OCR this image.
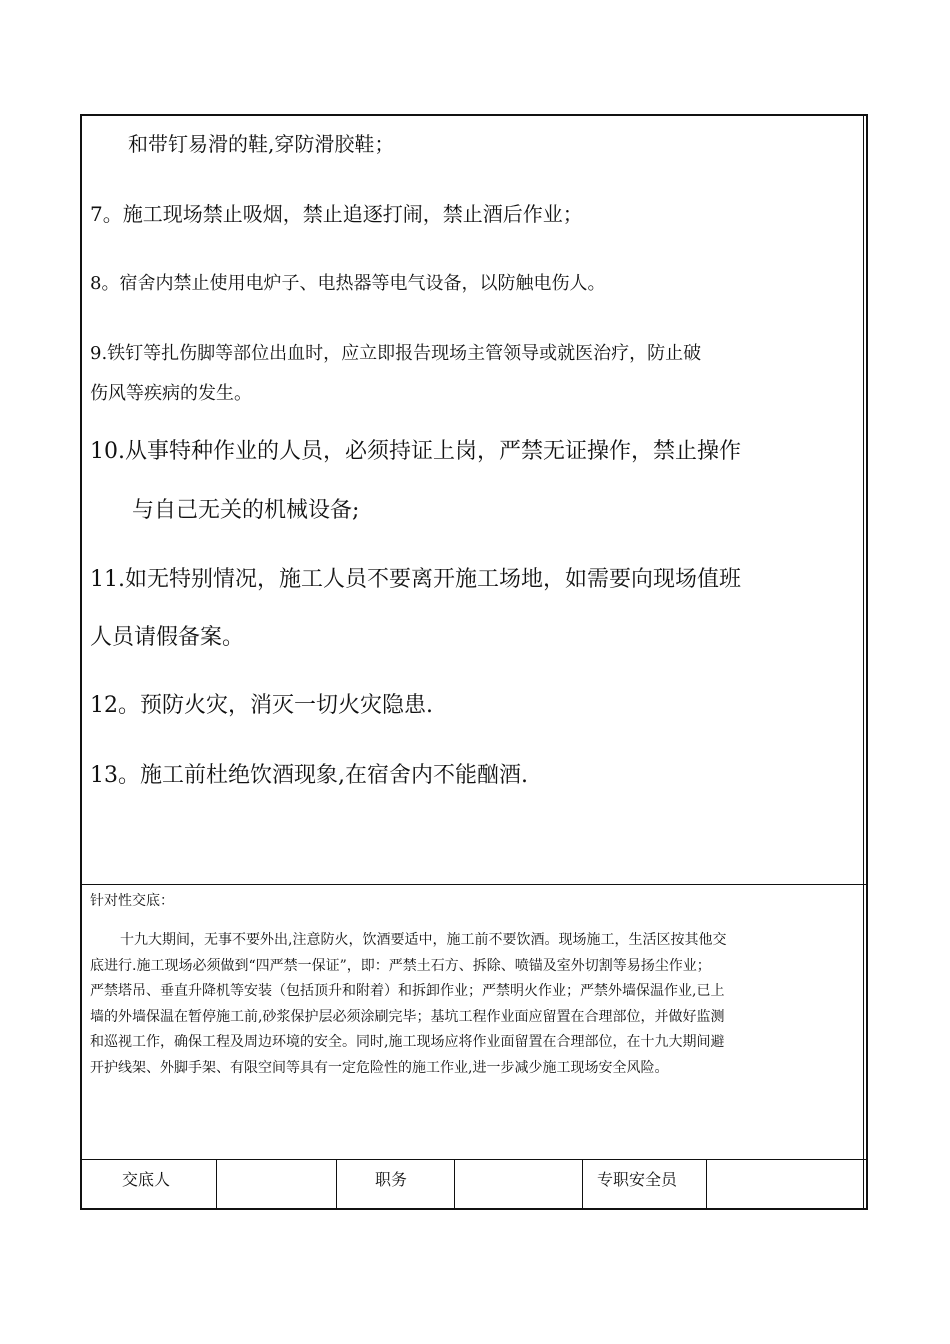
和带钉易滑的鞋,穿防滑胶鞋；
7。施工现场禁止吸烟，禁止追逐打闹，禁止酒后作业；
8。宿舍内禁止使用电炉子、电热器等电气设备，以防触电伤人。
9.铁钉等扎伤脚等部位出血时，应立即报告现场主管领导或就医治疗，防止破
伤风等疾病的发生。
10.从事特种作业的人员，必须持证上岗，严禁无证操作，禁止操作
与自己无关的机械设备;
11.如无特别情况，施工人员不要离开施工场地，如需要向现场值班
人员请假备案。
12。预防火灾，消灭一切火灾隐患.
13。施工前杜绝饮酒现象,在宿舍内不能酗酒.
针对性交底：
十九大期间，无事不要外出,注意防火，饮酒要适中，施工前不要饮酒。现场施工，生活区按其他交
底进行.施工现场必须做到“四严禁一保证”，即：严禁土石方、拆除、喷锚及室外切割等易扬尘作业；
严禁塔吊、垂直升降机等安装（包括顶升和附着）和拆卸作业；严禁明火作业；严禁外墙保温作业,已上
墙的外墙保温在暂停施工前,砂浆保护层必须涂刷完毕；基坑工程作业面应留置在合理部位，并做好监测
和巡视工作，确保工程及周边环境的安全。同时,施工现场应将作业面留置在合理部位，在十九大期间避
开护线架、外脚手架、有限空间等具有一定危险性的施工作业,进一步减少施工现场安全风险。
交底人	职务	专职安全员
